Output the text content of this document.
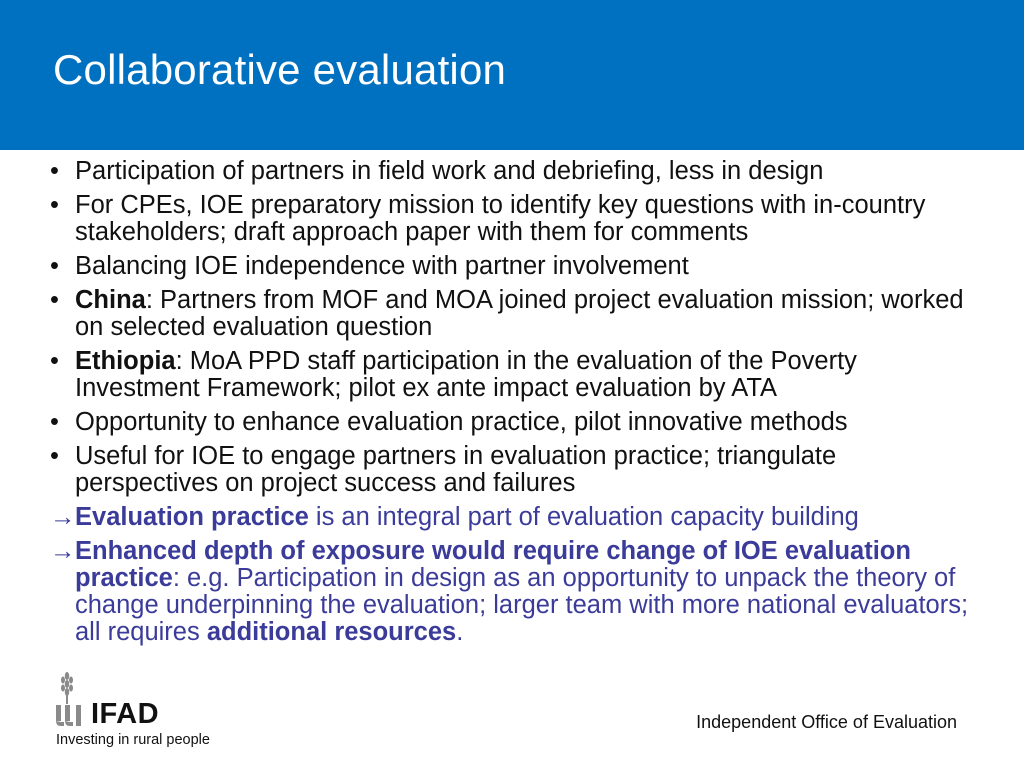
Collaborative evaluation
• Participation of partners in field work and debriefing, less in design
• For CPEs, IOE preparatory mission to identify key questions with in-country stakeholders; draft approach paper with them for comments
• Balancing IOE independence with partner involvement
• China: Partners from MOF and MOA joined project evaluation mission; worked on selected evaluation question
• Ethiopia: MoA PPD staff participation in the evaluation of the Poverty Investment Framework; pilot ex ante impact evaluation by ATA
• Opportunity to enhance evaluation practice, pilot innovative methods
• Useful for IOE to engage partners in evaluation practice; triangulate perspectives on project success and failures
→ Evaluation practice is an integral part of evaluation capacity building
→ Enhanced depth of exposure would require change of IOE evaluation practice: e.g. Participation in design as an opportunity to unpack the theory of change underpinning the evaluation; larger team with more national evaluators; all requires additional resources.
IFAD
Investing in rural people
Independent Office of Evaluation
